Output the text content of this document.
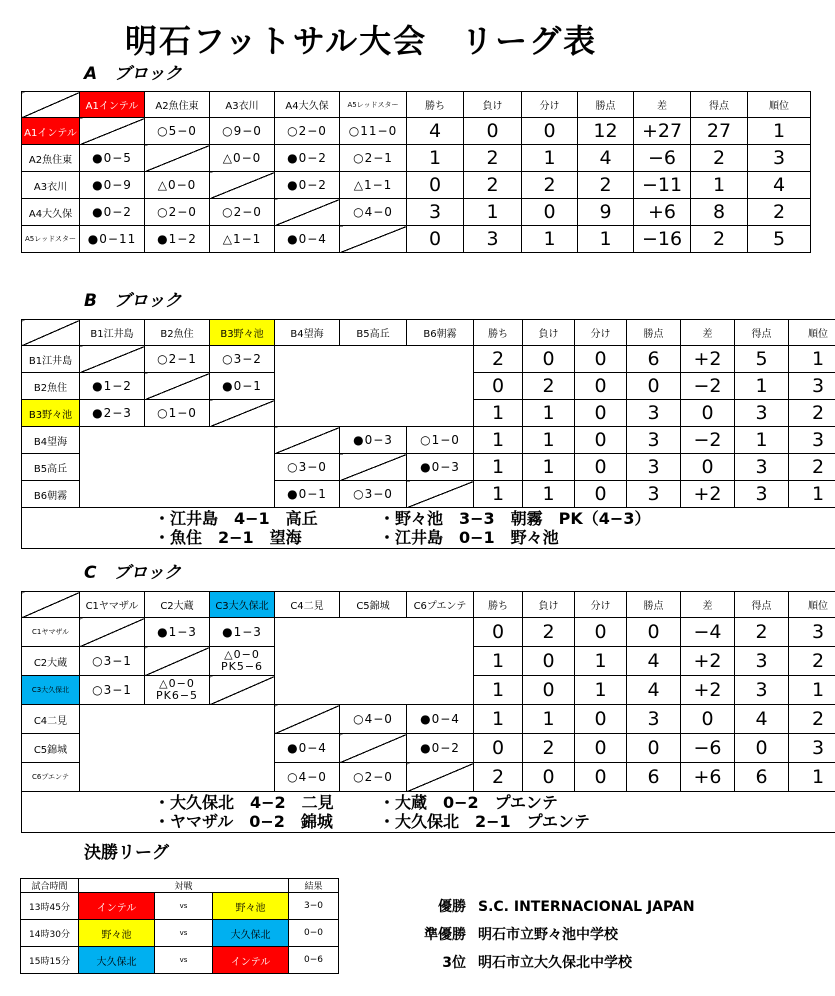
明石フットサル大会　リーグ表
A　ブロック
	A1インテル	A2魚住東	A3衣川	A4大久保	A5レッドスター	勝ち	負け	分け	勝点	差	得点	順位
A1インテル		○5−0	○9−0	○2−0	○11−0	4	0	0	12	+27	27	1
A2魚住東	●0−5		△0−0	●0−2	○2−1	1	2	1	4	−6	2	3
A3衣川	●0−9	△0−0		●0−2	△1−1	0	2	2	2	−11	1	4
A4大久保	●0−2	○2−0	○2−0		○4−0	3	1	0	9	+6	8	2
A5レッドスター	●0−11	●1−2	△1−1	●0−4		0	3	1	1	−16	2	5
B　ブロック
	B1江井島	B2魚住	B3野々池	B4望海	B5高丘	B6朝霧	勝ち	負け	分け	勝点	差	得点	順位
B1江井島		○2−1	○3−2				2	0	0	6	+2	5	1
B2魚住	●1−2		●0−1				0	2	0	0	−2	1	3
B3野々池	●2−3	○1−0					1	1	0	3	0	3	2
B4望海					●0−3	○1−0	1	1	0	3	−2	1	3
B5高丘				○3−0		●0−3	1	1	0	3	0	3	2
B6朝霧				●0−1	○3−0		1	1	0	3	+2	3	1

・江井島　4−1　高丘 ・野々池　3−3　朝霧　PK（4−3）
・魚住　2−1　望海 ・江井島　0−1　野々池													
C　ブロック
	C1ヤマザル	C2大蔵	C3大久保北	C4二見	C5錦城	C6プエンテ	勝ち	負け	分け	勝点	差	得点	順位
C1ヤマザル		●1−3	●1−3				0	2	0	0	−4	2	3
C2大蔵	○3−1		△0−0
PK5−6				1	0	1	4	+2	3	2
C3大久保北	○3−1	△0−0
PK6−5					1	0	1	4	+2	3	1
C4二見					○4−0	●0−4	1	1	0	3	0	4	2
C5錦城				●0−4		●0−2	0	2	0	0	−6	0	3
C6プエンテ				○4−0	○2−0		2	0	0	6	+6	6	1

・大久保北　4−2　二見 ・大蔵　0−2　プエンテ
・ヤマザル　0−2　錦城 ・大久保北　2−1　プエンテ													
決勝リーグ
試合時間	対戦			結果
13時45分	インテル	vs	野々池	3−0
14時30分	野々池	vs	大久保北	0−0
15時15分	大久保北	vs	インテル	0−6
優勝 S.C. INTERNACIONAL JAPAN
準優勝 明石市立野々池中学校
3位 明石市立大久保北中学校
